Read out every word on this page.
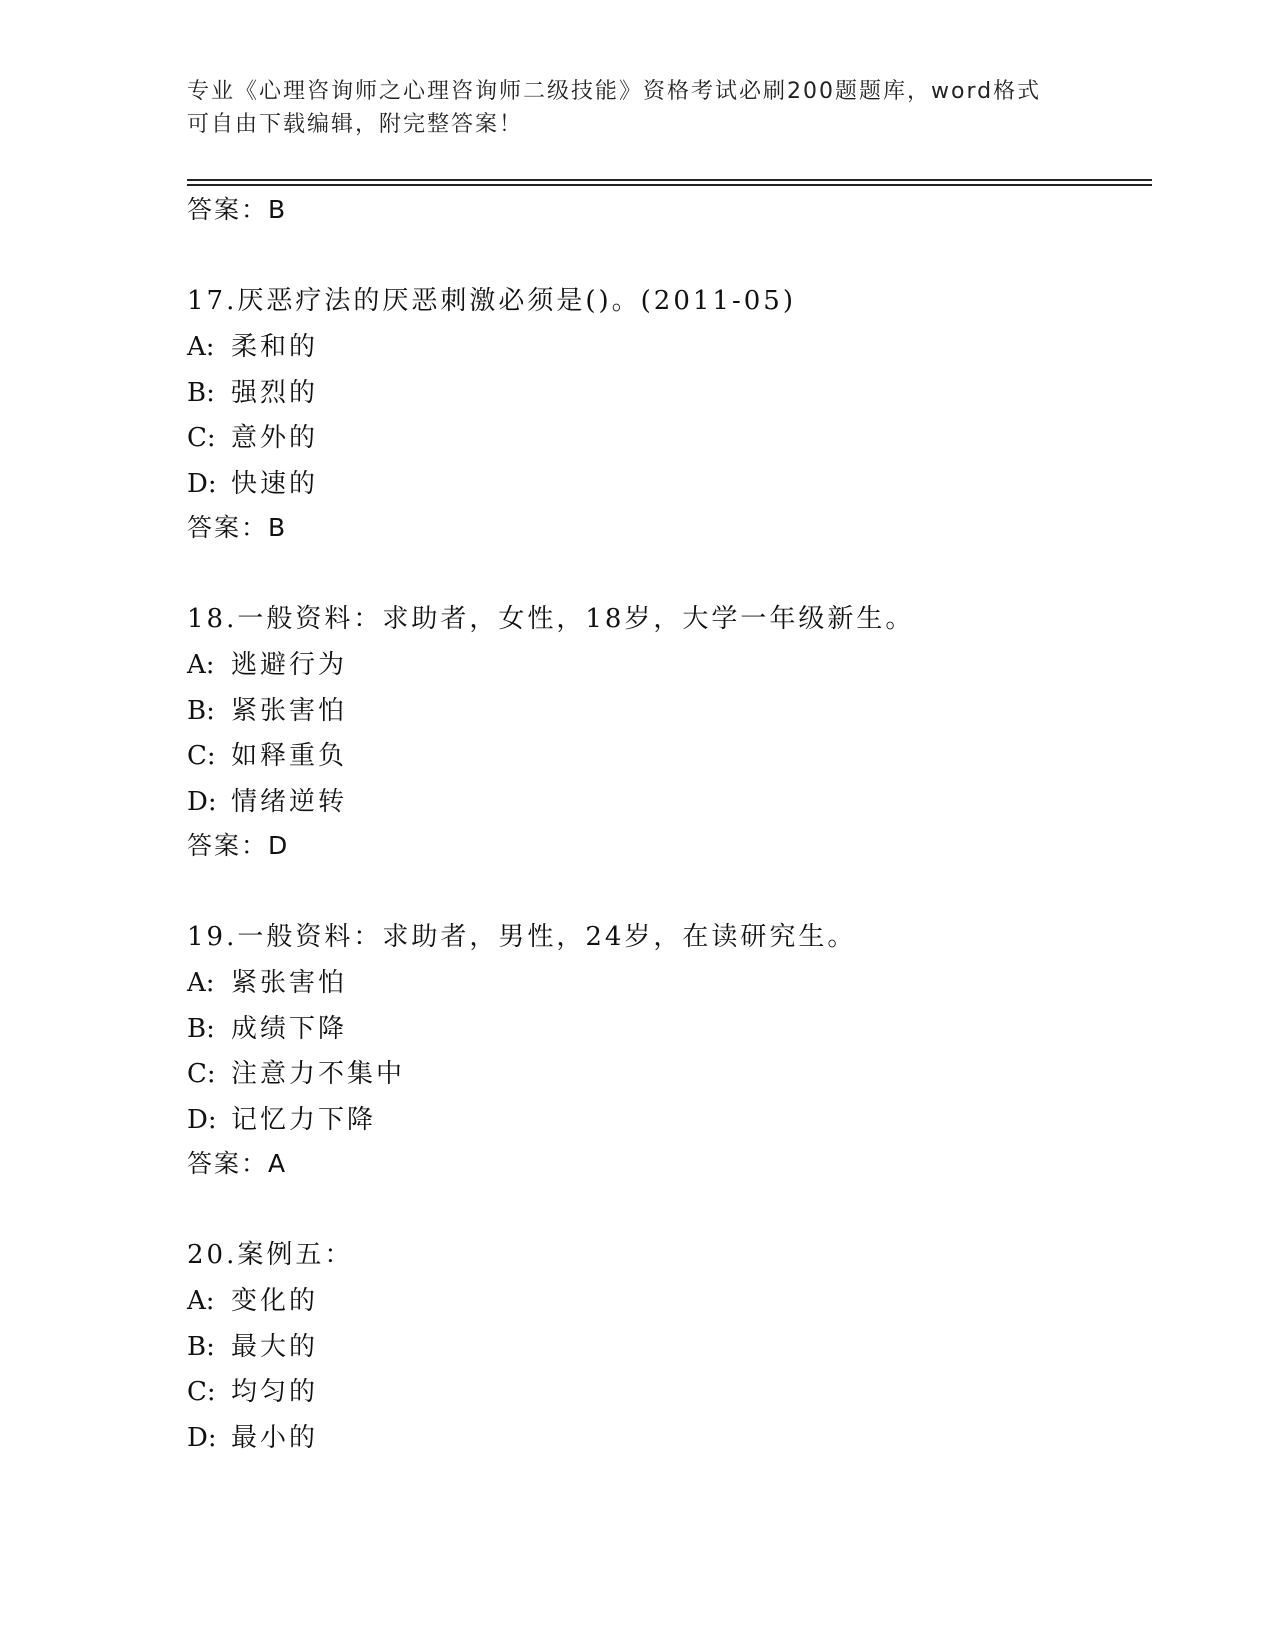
专业《心理咨询师之心理咨询师二级技能》资格考试必刷200题题库，word格式
可自由下载编辑，附完整答案！
答案：B
17.厌恶疗法的厌恶刺激必须是()。(2011-05)
A: 柔和的
B: 强烈的
C: 意外的
D: 快速的
答案：B
18.一般资料：求助者，女性，18岁，大学一年级新生。
A: 逃避行为
B: 紧张害怕
C: 如释重负
D: 情绪逆转
答案：D
19.一般资料：求助者，男性，24岁，在读研究生。
A: 紧张害怕
B: 成绩下降
C: 注意力不集中
D: 记忆力下降
答案：A
20.案例五：
A: 变化的
B: 最大的
C: 均匀的
D: 最小的
